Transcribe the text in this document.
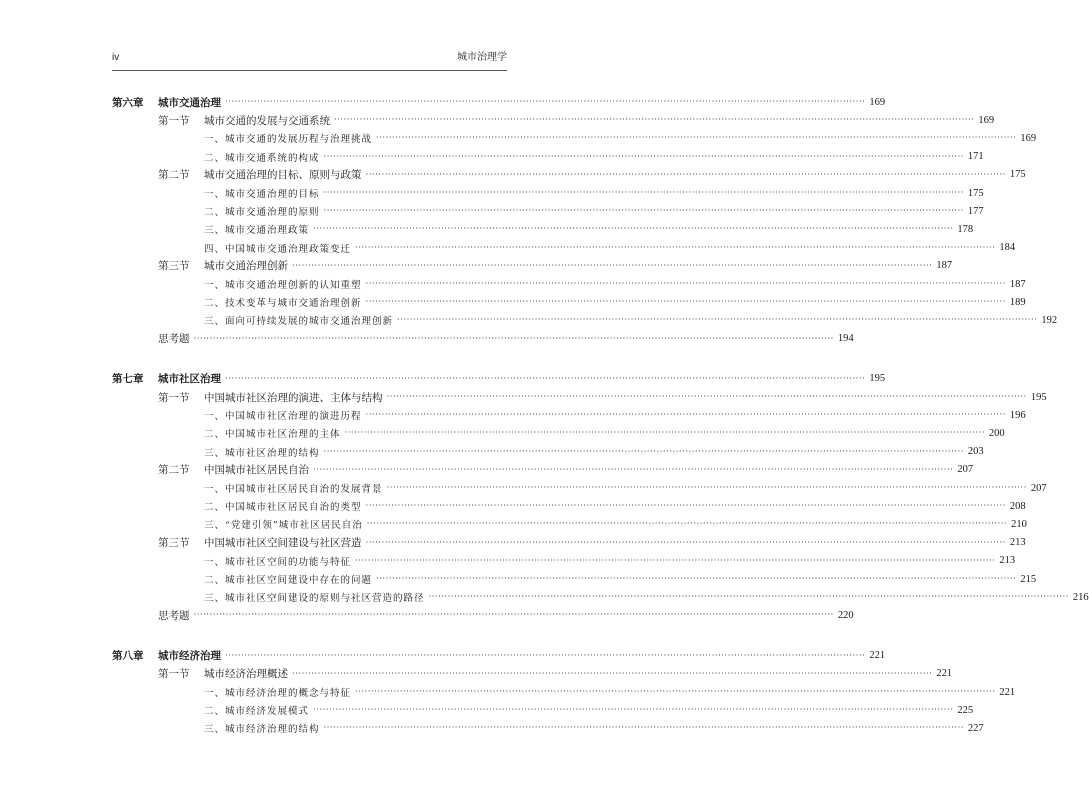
iv	城市治理学
第六章 城市交通治理 ········································································································································································································ 169
第一节 城市交通的发展与交通系统 ········································································································································································································ 169
一、城市交通的发展历程与治理挑战 ········································································································································································································ 169
二、城市交通系统的构成 ········································································································································································································ 171
第二节 城市交通治理的目标、原则与政策 ········································································································································································································ 175
一、城市交通治理的目标 ········································································································································································································ 175
二、城市交通治理的原则 ········································································································································································································ 177
三、城市交通治理政策 ········································································································································································································ 178
四、中国城市交通治理政策变迁 ········································································································································································································ 184
第三节 城市交通治理创新 ········································································································································································································ 187
一、城市交通治理创新的认知重塑 ········································································································································································································ 187
二、技术变革与城市交通治理创新 ········································································································································································································ 189
三、面向可持续发展的城市交通治理创新 ········································································································································································································ 192
思考题 ········································································································································································································ 194
第七章 城市社区治理 ········································································································································································································ 195
第一节 中国城市社区治理的演进、主体与结构 ········································································································································································································ 195
一、中国城市社区治理的演进历程 ········································································································································································································ 196
二、中国城市社区治理的主体 ········································································································································································································ 200
三、城市社区治理的结构 ········································································································································································································ 203
第二节 中国城市社区居民自治 ········································································································································································································ 207
一、中国城市社区居民自治的发展背景 ········································································································································································································ 207
二、中国城市社区居民自治的类型 ········································································································································································································ 208
三、“党建引领”城市社区居民自治 ········································································································································································································ 210
第三节 中国城市社区空间建设与社区营造 ········································································································································································································ 213
一、城市社区空间的功能与特征 ········································································································································································································ 213
二、城市社区空间建设中存在的问题 ········································································································································································································ 215
三、城市社区空间建设的原则与社区营造的路径 ········································································································································································································ 216
思考题 ········································································································································································································ 220
第八章 城市经济治理 ········································································································································································································ 221
第一节 城市经济治理概述 ········································································································································································································ 221
一、城市经济治理的概念与特征 ········································································································································································································ 221
二、城市经济发展模式 ········································································································································································································ 225
三、城市经济治理的结构 ········································································································································································································ 227
